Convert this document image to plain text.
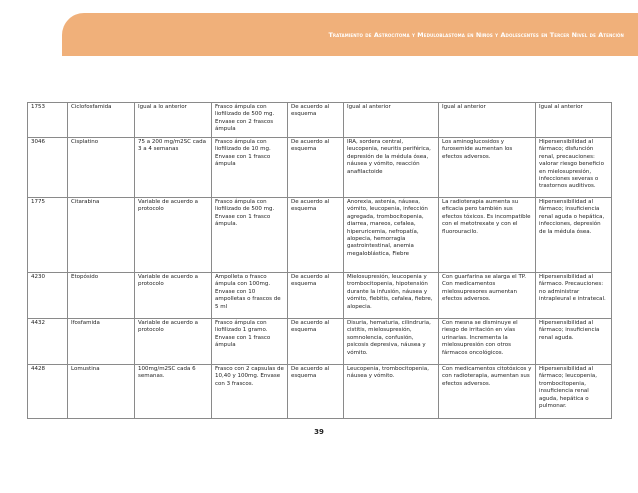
Tratamiento de Astrocitoma y Meduloblastoma en Niños y Adolescentes en Tercer Nivel de Atención
1753	Ciclofosfamida	Igual a lo anterior	Frasco ámpula con liofilizado de 500 mg. Envase con 2 frascos ámpula	De acuerdo al esquema	Igual al anterior	Igual al anterior	Igual al anterior
3046	Cisplatino	75 a 200 mg/m2SC cada 3 a 4 semanas	Frasco ámpula con liofilizado de 10 mg. Envase con 1 frasco ámpula	De acuerdo al esquema	IRA, sordera central, leucopenia, neuritis periférica, depresión de la médula ósea, náusea y vómito, reacción anafilactoide	Los aminoglucosidos y furosemide aumentan los efectos adversos.	Hipersensibilidad al fármaco; disfunción renal, precauciones: valorar riesgo beneficio en mielosupresión, infecciones severas o trastornos auditivos.
1775	Citarabina	Variable de acuerdo a protocolo	Frasco ámpula con liofilizado de 500 mg. Envase con 1 frasco ámpula.	De acuerdo al esquema	Anorexia, astenia, náusea, vómito, leucopenia, infección agregada, trombocitopenia, diarrea, mareos, cefalea, hiperuricemia, nefropatía, alopecia, hemorragia gastrointestinal, anemia megaloblástica, Fiebre	La radioterapia aumenta su eficacia pero también sus efectos tóxicos. Es incompatible con el metotrexate y con el fluorouracilo.	Hipersensibilidad al fármaco; insuficiencia renal aguda o hepática, infecciones, depresión de la médula ósea.
4230	Etopósido	Variable de acuerdo a protocolo	Ampolleta o frasco ámpula con 100mg. Envase con 10 ampolletas o frascos de 5 ml	De acuerdo al esquema	Mielosupresión, leucopenia y trombocitopenia, hipotensión durante la infusión, náusea y vómito, flebitis, cefalea, fiebre, alopecia.	Con guarfarina se alarga el TP. Con medicamentos mielosupresores aumentan efectos adversos.	Hipersensibilidad al fármaco. Precauciones: no administrar intrapleural e intratecal.
4432	Ifosfamida	Variable de acuerdo a protocolo	Frasco ámpula con liofilizado 1 gramo. Envase con 1 frasco ámpula	De acuerdo al esquema	Disuria, hematuria, cilindruria, cistitis, mielosupresión, somnolencia, confusión, psicosis depresiva, náusea y vómito.	Con mesna se disminuye el riesgo de irritación en vías urinarias. Incrementa la mielosupresión con otros fármacos oncológicos.	Hipersensibilidad al fármaco; insuficiencia renal aguda.
4428	Lomustina	100mg/m2SC cada 6 semanas.	Frasco con 2 capsulas de 10,40 y 100mg. Envase con 3 frascos.	De acuerdo al esquema	Leucopenia, trombocitopenia, náusea y vómito.	Con medicamentos citotóxicos y con radioterapia, aumentan sus efectos adversos.	Hipersensibilidad al fármaco; leucopenia, trombocitopenia, insuficiencia renal aguda, hepática o pulmonar.
39
